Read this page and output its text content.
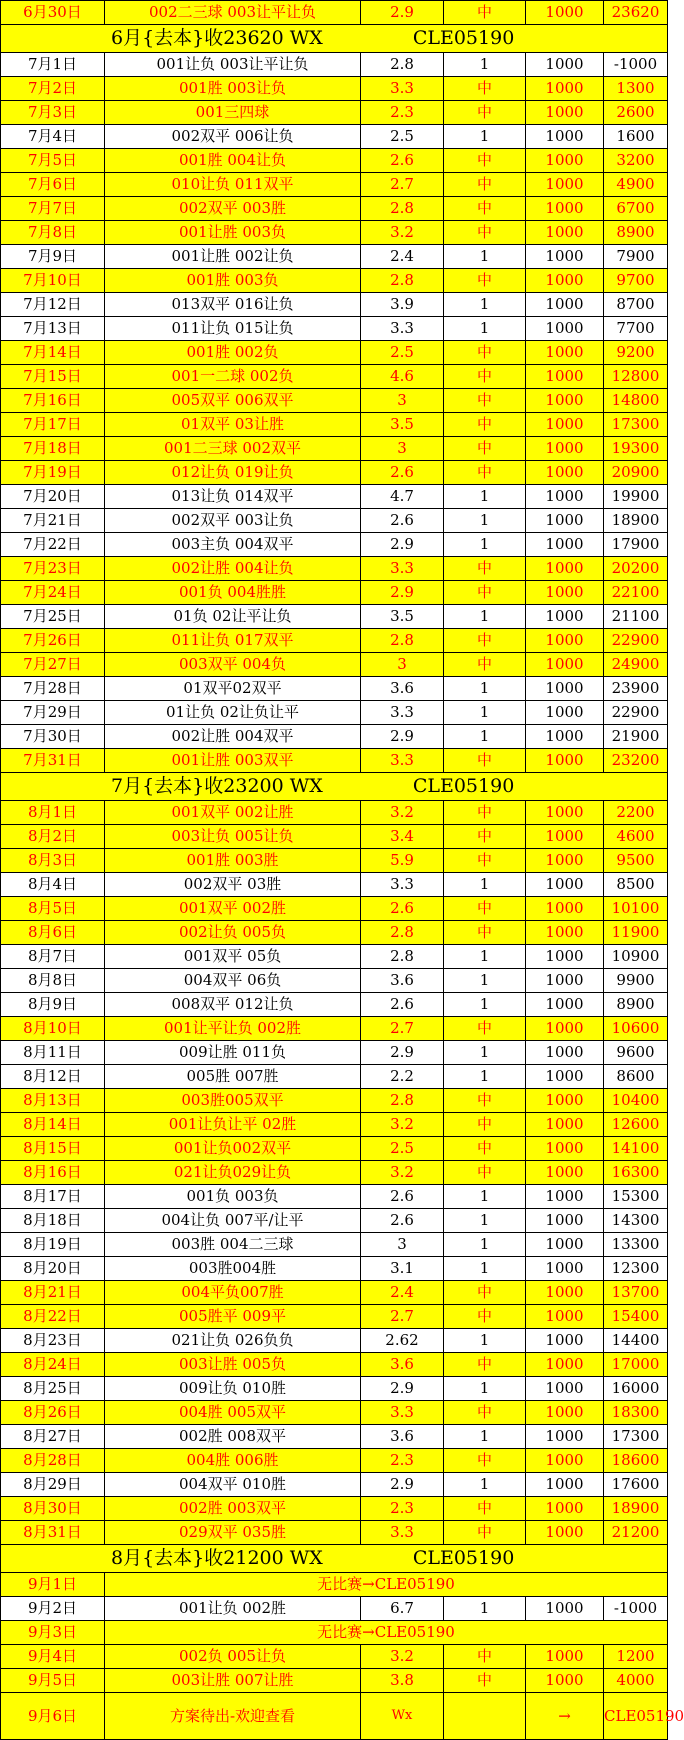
6月30日	002二三球 003让平让负	2.9	中	1000	23620
6月{去本}收23620 WX CLE05190					
7月1日	001让负 003让平让负	2.8	1	1000	-1000
7月2日	001胜 003让负	3.3	中	1000	1300
7月3日	001三四球	2.3	中	1000	2600
7月4日	002双平 006让负	2.5	1	1000	1600
7月5日	001胜 004让负	2.6	中	1000	3200
7月6日	010让负 011双平	2.7	中	1000	4900
7月7日	002双平 003胜	2.8	中	1000	6700
7月8日	001让胜 003负	3.2	中	1000	8900
7月9日	001让胜 002让负	2.4	1	1000	7900
7月10日	001胜 003负	2.8	中	1000	9700
7月12日	013双平 016让负	3.9	1	1000	8700
7月13日	011让负 015让负	3.3	1	1000	7700
7月14日	001胜 002负	2.5	中	1000	9200
7月15日	001一二球 002负	4.6	中	1000	12800
7月16日	005双平 006双平	3	中	1000	14800
7月17日	01双平 03让胜	3.5	中	1000	17300
7月18日	001二三球 002双平	3	中	1000	19300
7月19日	012让负 019让负	2.6	中	1000	20900
7月20日	013让负 014双平	4.7	1	1000	19900
7月21日	002双平 003让负	2.6	1	1000	18900
7月22日	003主负 004双平	2.9	1	1000	17900
7月23日	002让胜 004让负	3.3	中	1000	20200
7月24日	001负 004胜胜	2.9	中	1000	22100
7月25日	01负 02让平让负	3.5	1	1000	21100
7月26日	011让负 017双平	2.8	中	1000	22900
7月27日	003双平 004负	3	中	1000	24900
7月28日	01双平02双平	3.6	1	1000	23900
7月29日	01让负 02让负让平	3.3	1	1000	22900
7月30日	002让胜 004双平	2.9	1	1000	21900
7月31日	001让胜 003双平	3.3	中	1000	23200
7月{去本}收23200 WX CLE05190					
8月1日	001双平 002让胜	3.2	中	1000	2200
8月2日	003让负 005让负	3.4	中	1000	4600
8月3日	001胜 003胜	5.9	中	1000	9500
8月4日	002双平 03胜	3.3	1	1000	8500
8月5日	001双平 002胜	2.6	中	1000	10100
8月6日	002让负 005负	2.8	中	1000	11900
8月7日	001双平 05负	2.8	1	1000	10900
8月8日	004双平 06负	3.6	1	1000	9900
8月9日	008双平 012让负	2.6	1	1000	8900
8月10日	001让平让负 002胜	2.7	中	1000	10600
8月11日	009让胜 011负	2.9	1	1000	9600
8月12日	005胜 007胜	2.2	1	1000	8600
8月13日	003胜005双平	2.8	中	1000	10400
8月14日	001让负让平 02胜	3.2	中	1000	12600
8月15日	001让负002双平	2.5	中	1000	14100
8月16日	021让负029让负	3.2	中	1000	16300
8月17日	001负 003负	2.6	1	1000	15300
8月18日	004让负 007平/让平	2.6	1	1000	14300
8月19日	003胜 004二三球	3	1	1000	13300
8月20日	003胜004胜	3.1	1	1000	12300
8月21日	004平负007胜	2.4	中	1000	13700
8月22日	005胜平 009平	2.7	中	1000	15400
8月23日	021让负 026负负	2.62	1	1000	14400
8月24日	003让胜 005负	3.6	中	1000	17000
8月25日	009让负 010胜	2.9	1	1000	16000
8月26日	004胜 005双平	3.3	中	1000	18300
8月27日	002胜 008双平	3.6	1	1000	17300
8月28日	004胜 006胜	2.3	中	1000	18600
8月29日	004双平 010胜	2.9	1	1000	17600
8月30日	002胜 003双平	2.3	中	1000	18900
8月31日	029双平 035胜	3.3	中	1000	21200
8月{去本}收21200 WX CLE05190					
9月1日	无比赛→CLE05190				
9月2日	001让负 002胜	6.7	1	1000	-1000
9月3日	无比赛→CLE05190				
9月4日	002负 005让负	3.2	中	1000	1200
9月5日	003让胜 007让胜	3.8	中	1000	4000
9月6日	方案待出-欢迎查看	Wx		→	CLE05190
